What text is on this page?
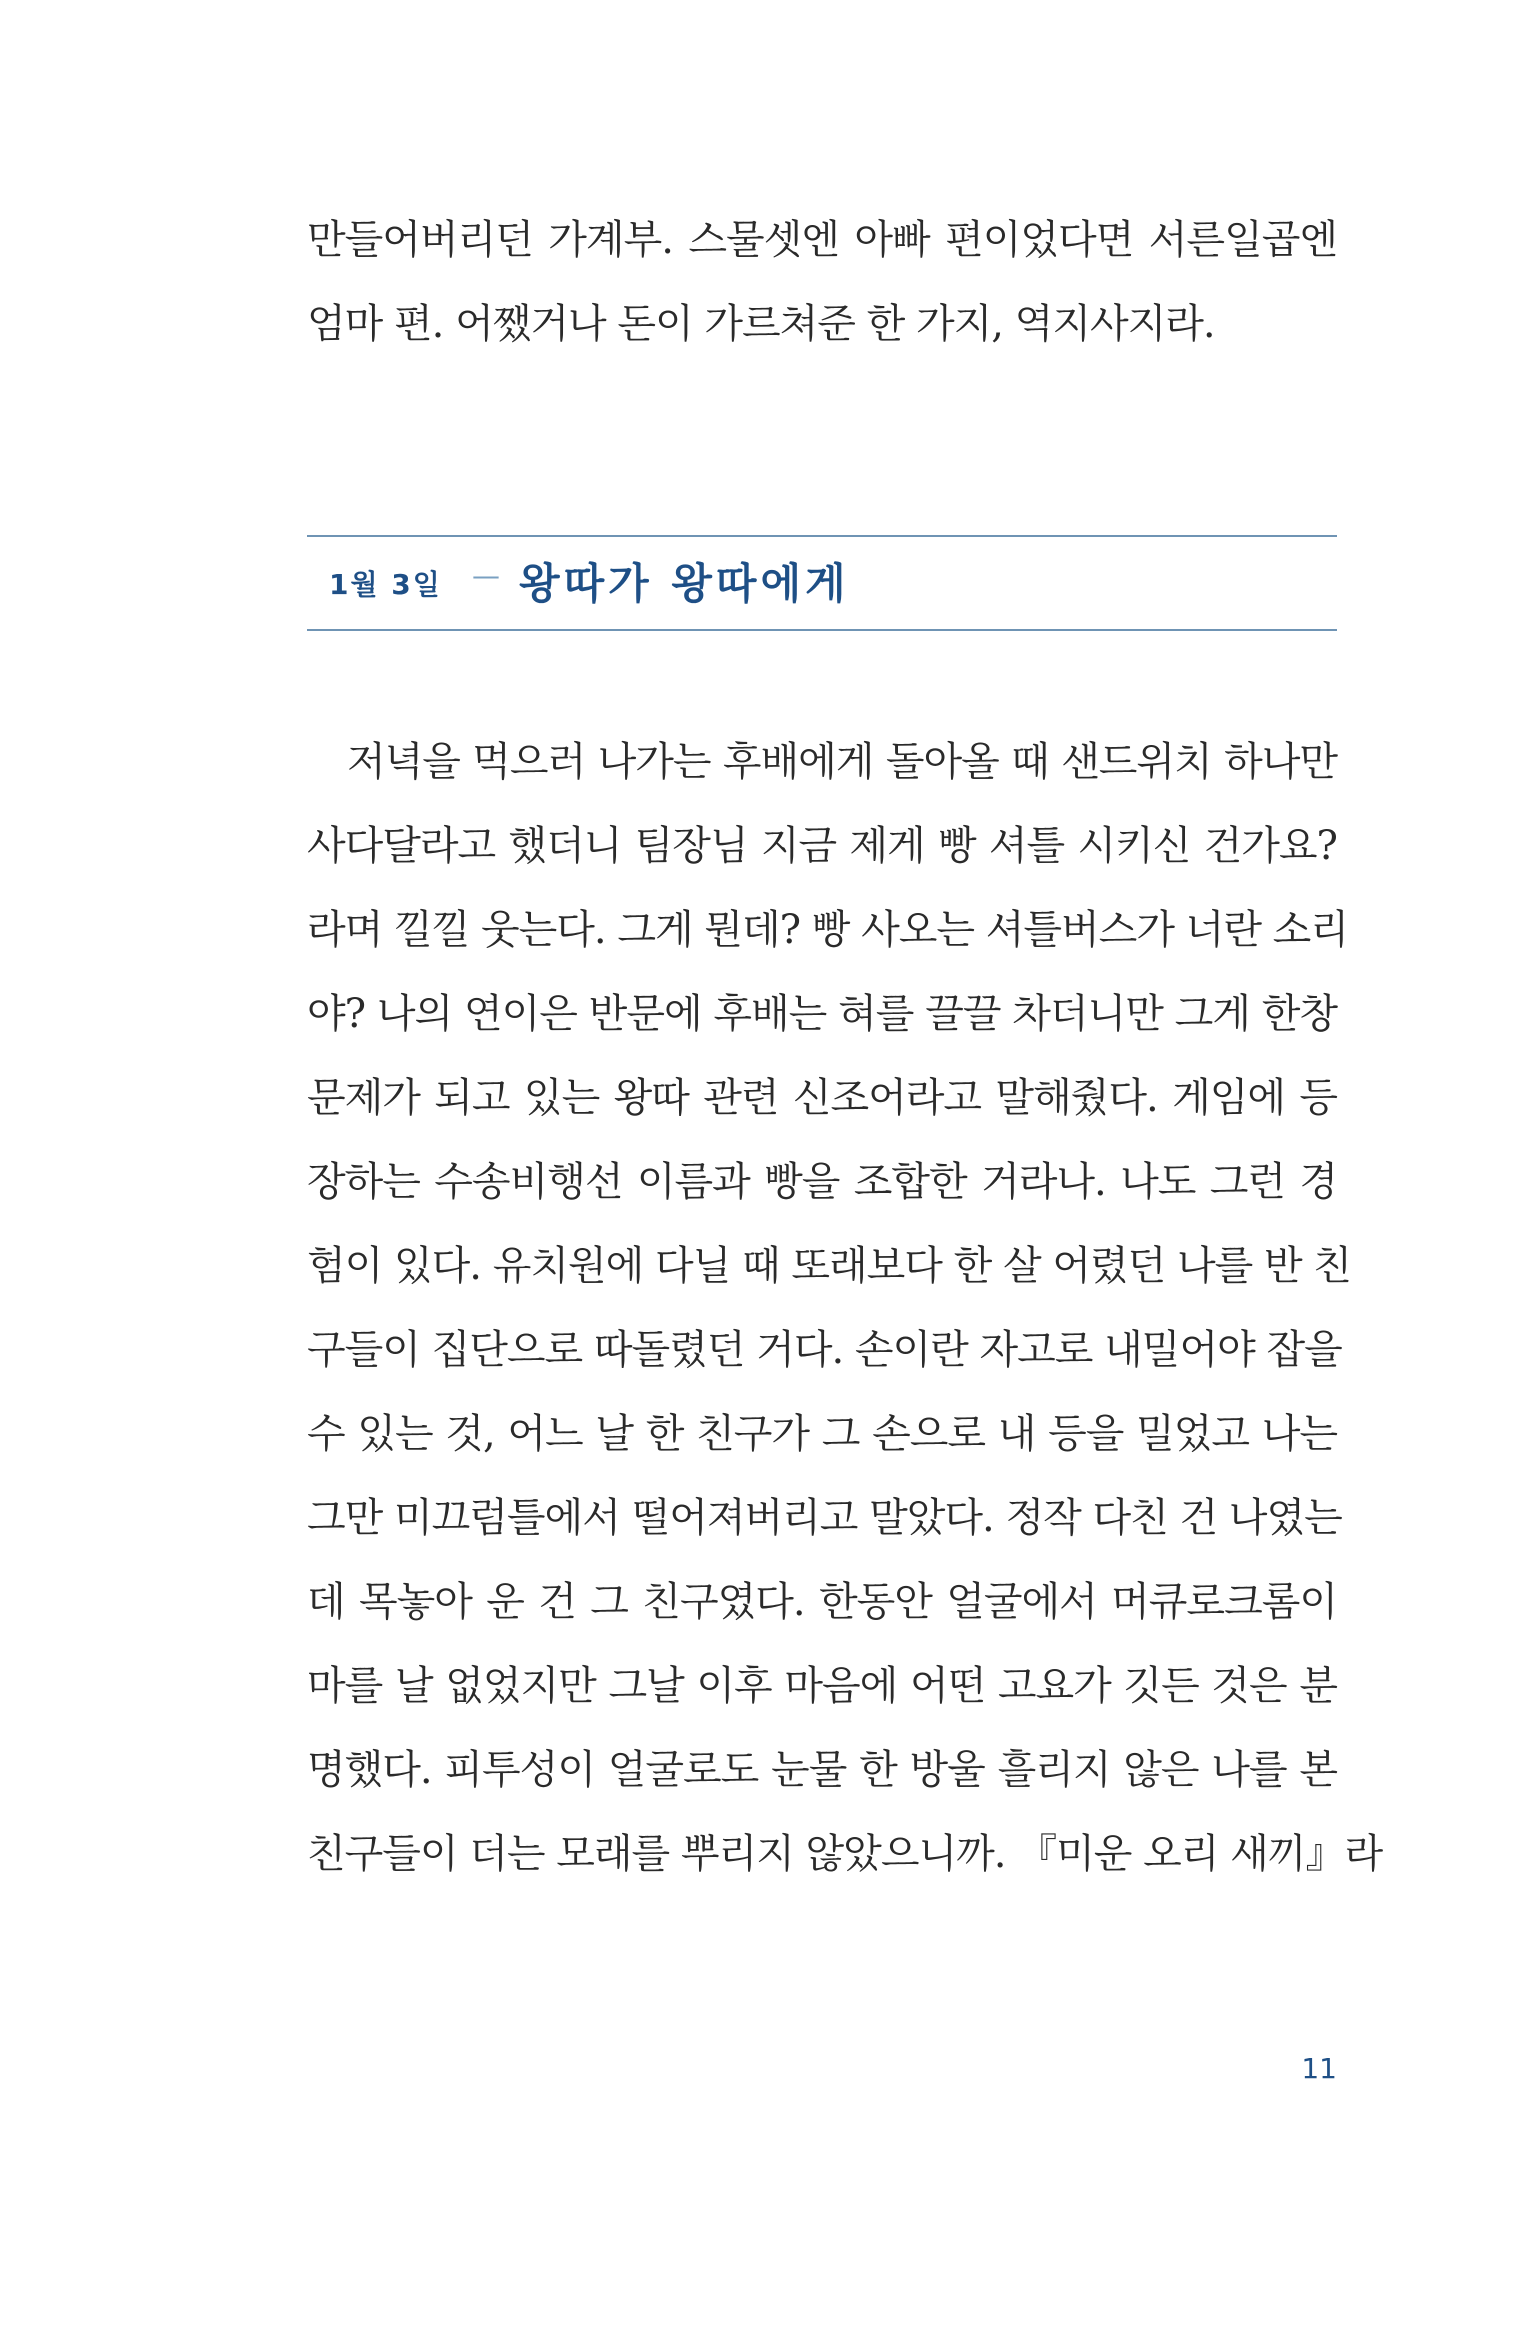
만들어버리던 가계부. 스물셋엔 아빠 편이었다면 서른일곱엔
엄마 편. 어쨌거나 돈이 가르쳐준 한 가지, 역지사지라.
1월 3일 — 왕따가 왕따에게
저녁을 먹으러 나가는 후배에게 돌아올 때 샌드위치 하나만
사다달라고 했더니 팀장님 지금 제게 빵 셔틀 시키신 건가요?
라며 낄낄 웃는다. 그게 뭔데? 빵 사오는 셔틀버스가 너란 소리
야? 나의 연이은 반문에 후배는 혀를 끌끌 차더니만 그게 한창
문제가 되고 있는 왕따 관련 신조어라고 말해줬다. 게임에 등
장하는 수송비행선 이름과 빵을 조합한 거라나. 나도 그런 경
험이 있다. 유치원에 다닐 때 또래보다 한 살 어렸던 나를 반 친
구들이 집단으로 따돌렸던 거다. 손이란 자고로 내밀어야 잡을
수 있는 것, 어느 날 한 친구가 그 손으로 내 등을 밀었고 나는
그만 미끄럼틀에서 떨어져버리고 말았다. 정작 다친 건 나였는
데 목놓아 운 건 그 친구였다. 한동안 얼굴에서 머큐로크롬이
마를 날 없었지만 그날 이후 마음에 어떤 고요가 깃든 것은 분
명했다. 피투성이 얼굴로도 눈물 한 방울 흘리지 않은 나를 본
친구들이 더는 모래를 뿌리지 않았으니까. 『미운 오리 새끼』라
11
